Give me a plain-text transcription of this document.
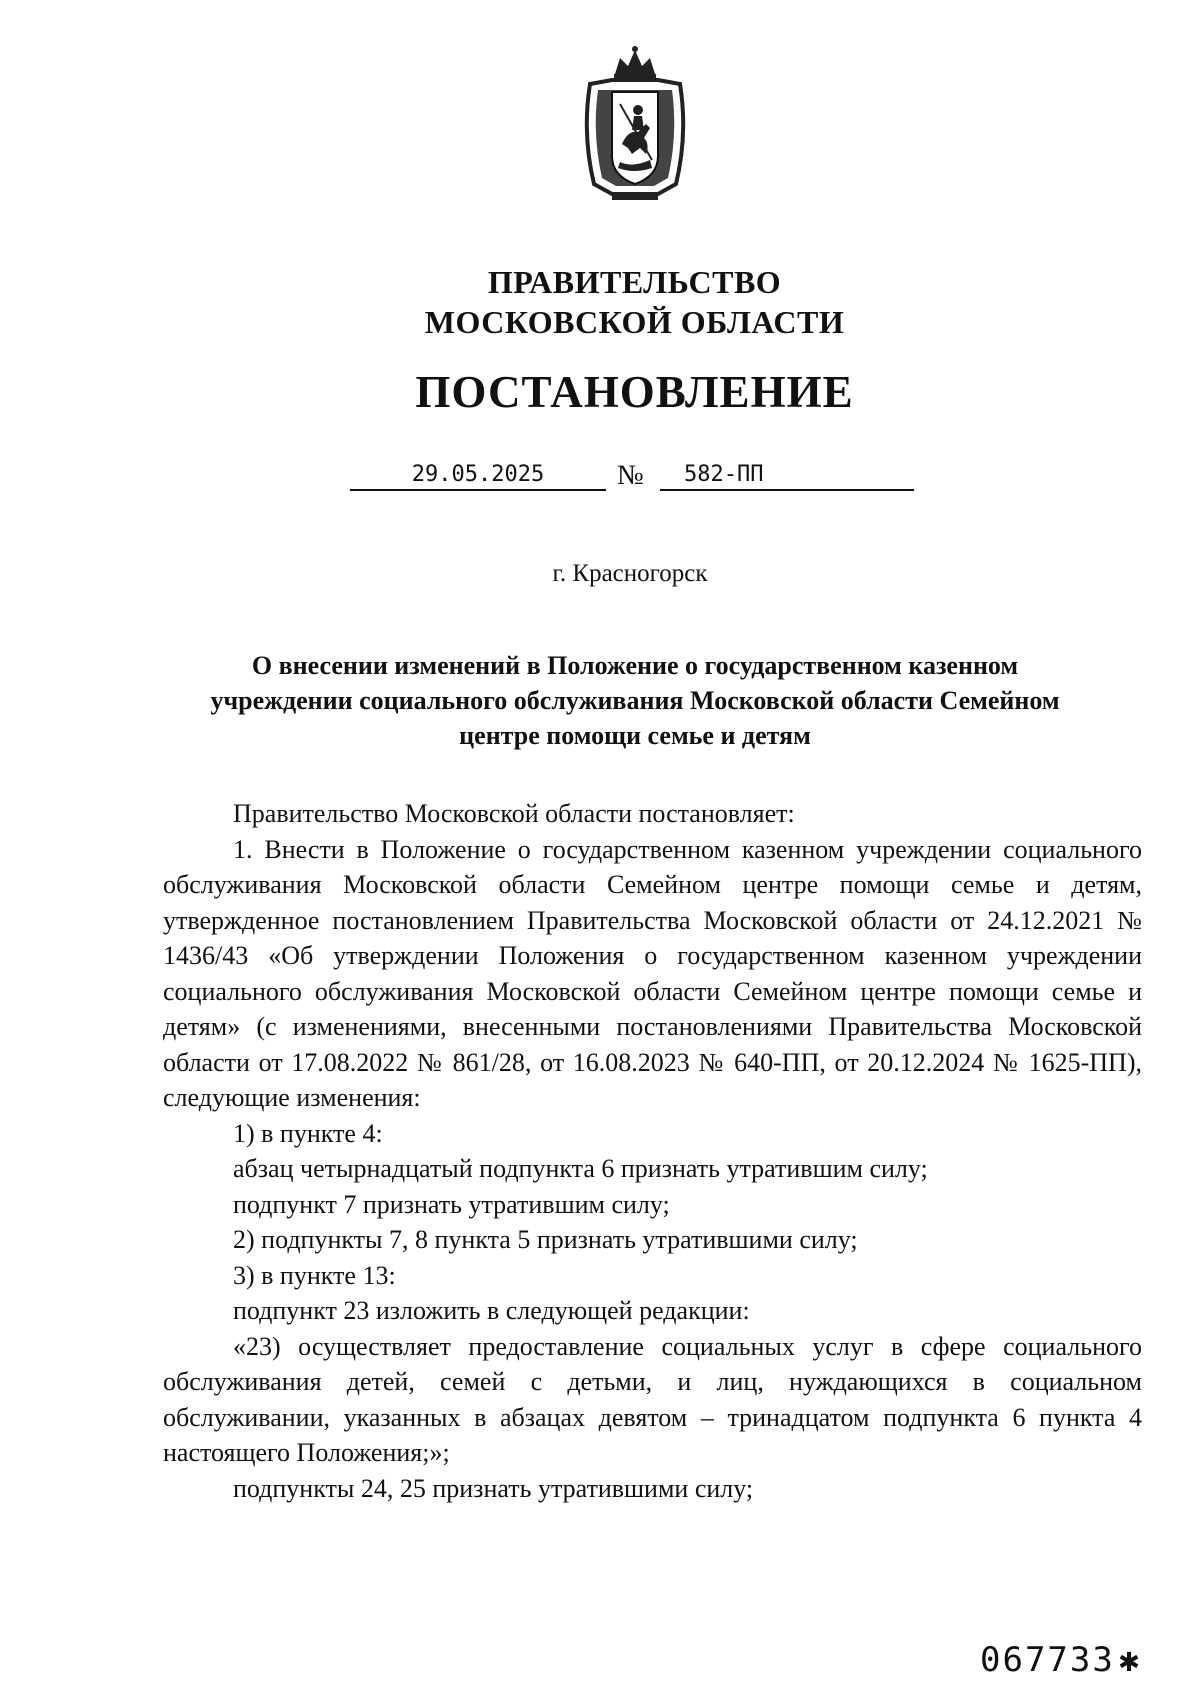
ПРАВИТЕЛЬСТВО
МОСКОВСКОЙ ОБЛАСТИ
ПОСТАНОВЛЕНИЕ
29.05.2025	№	582-ПП
г. Красногорск
О внесении изменений в Положение о государственном казенном
учреждении социального обслуживания Московской области Семейном
центре помощи семье и детям

Правительство Московской области постановляет:

1. Внести в Положение о государственном казенном учреждении социального обслуживания Московской области Семейном центре помощи семье и детям, утвержденное постановлением Правительства Московской области от 24.12.2021 № 1436/43 «Об утверждении Положения о государственном казенном учреждении социального обслуживания Московской области Семейном центре помощи семье и детям» (с изменениями, внесенными постановлениями Правительства Московской области от 17.08.2022 № 861/28, от 16.08.2023 № 640-ПП, от 20.12.2024 № 1625-ПП), следующие изменения:

1) в пункте 4:

абзац четырнадцатый подпункта 6 признать утратившим силу;

подпункт 7 признать утратившим силу;

2) подпункты 7, 8 пункта 5 признать утратившими силу;

3) в пункте 13:

подпункт 23 изложить в следующей редакции:

«23) осуществляет предоставление социальных услуг в сфере социального обслуживания детей, семей с детьми, и лиц, нуждающихся в социальном обслуживании, указанных в абзацах девятом – тринадцатом подпункта 6 пункта 4 настоящего Положения;»;

подпункты 24, 25 признать утратившими силу;

067733 ✱
